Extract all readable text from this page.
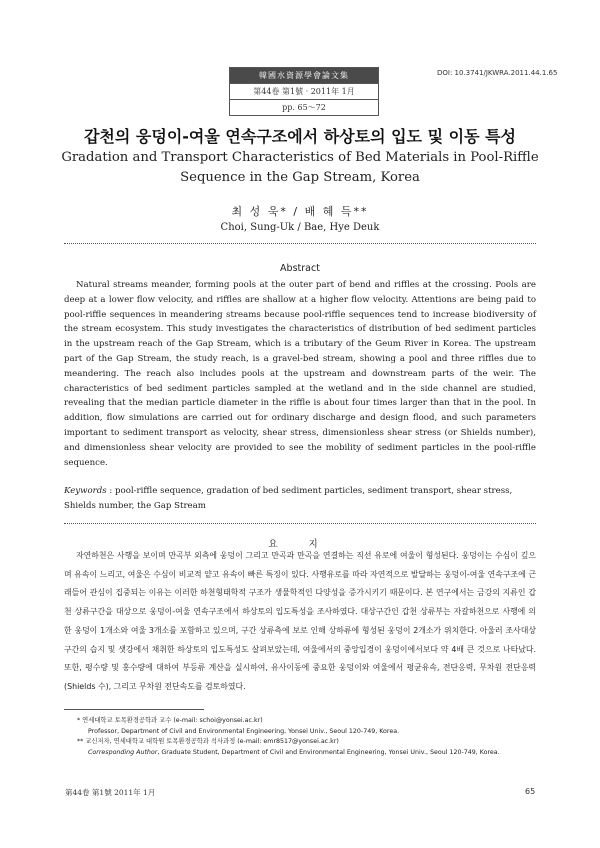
韓國水資源學會論文集
第44卷 第1號 · 2011年 1月
pp. 65～72
DOI: 10.3741/JKWRA.2011.44.1.65
갑천의 웅덩이-여울 연속구조에서 하상토의 입도 및 이동 특성
Gradation and Transport Characteristics of Bed Materials in Pool-Riffle Sequence in the Gap Stream, Korea
최 성 욱* / 배 혜 득**
Choi, Sung-Uk / Bae, Hye Deuk
Abstract
Natural streams meander, forming pools at the outer part of bend and riffles at the crossing. Pools are deep at a lower flow velocity, and riffles are shallow at a higher flow velocity. Attentions are being paid to pool-riffle sequences in meandering streams because pool-riffle sequences tend to increase biodiversity of the stream ecosystem. This study investigates the characteristics of distribution of bed sediment particles in the upstream reach of the Gap Stream, which is a tributary of the Geum River in Korea. The upstream part of the Gap Stream, the study reach, is a gravel-bed stream, showing a pool and three riffles due to meandering. The reach also includes pools at the upstream and downstream parts of the weir. The characteristics of bed sediment particles sampled at the wetland and in the side channel are studied, revealing that the median particle diameter in the riffle is about four times larger than that in the pool. In addition, flow simulations are carried out for ordinary discharge and design flood, and such parameters important to sediment transport as velocity, shear stress, dimensionless shear stress (or Shields number), and dimensionless shear velocity are provided to see the mobility of sediment particles in the pool-riffle sequence.
Keywords : pool-riffle sequence, gradation of bed sediment particles, sediment transport, shear stress, Shields number, the Gap Stream
요 지
자연하천은 사행을 보이며 만곡부 외측에 웅덩이 그리고 만곡과 만곡을 연결하는 직선 유로에 여울이 형성된다. 웅덩이는 수심이 깊으며 유속이 느리고, 여울은 수심이 비교적 얕고 유속이 빠른 특징이 있다. 사행유로를 따라 자연적으로 발달하는 웅덩이-여울 연속구조에 근래들어 관심이 집중되는 이유는 이러한 하천형태학적 구조가 생물학적인 다양성을 증가시키기 때문이다. 본 연구에서는 금강의 지류인 갑천 상류구간을 대상으로 웅덩이-여울 연속구조에서 하상토의 입도특성을 조사하였다. 대상구간인 갑천 상류부는 자갈하천으로 사행에 의한 웅덩이 1개소와 여울 3개소를 포함하고 있으며, 구간 상류측에 보로 인해 상하류에 형성된 웅덩이 2개소가 위치한다. 아울러 조사대상 구간의 습지 및 샛강에서 채취한 하상토의 입도특성도 살펴보았는데, 여울에서의 중앙입경이 웅덩이에서보다 약 4배 큰 것으로 나타났다. 또한, 평수량 및 홍수량에 대하여 부등류 계산을 실시하여, 유사이동에 중요한 웅덩이와 여울에서 평균유속, 전단응력, 무차원 전단응력 (Shields 수), 그리고 무차원 전단속도를 검토하였다.
* 연세대학교 토목환경공학과 교수 (e-mail: schoi@yonsei.ac.kr)
Professor, Department of Civil and Environmental Engineering, Yonsei Univ., Seoul 120-749, Korea.
** 교신저자, 연세대학교 대학원 토목환경공학과 석사과정 (e-mail: emr8517@yonsei.ac.kr)
Corresponding Author, Graduate Student, Department of Civil and Environmental Engineering, Yonsei Univ., Seoul 120-749, Korea.
第44卷 第1號 2011年 1月	65
